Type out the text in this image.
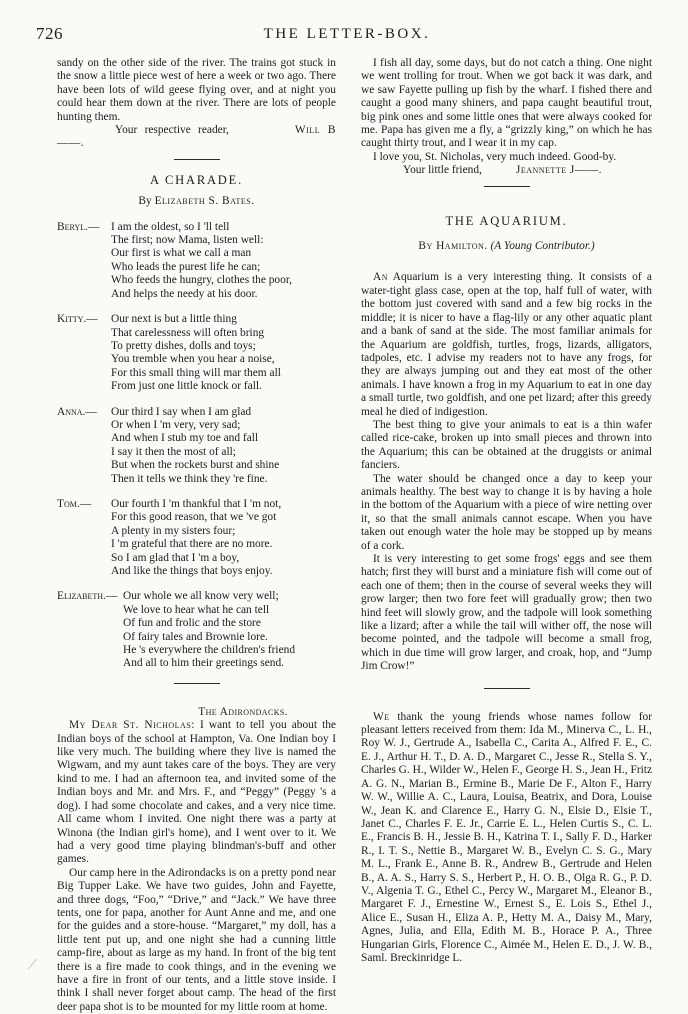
726	THE LETTER-BOX.

sandy on the other side of the river. The trains got stuck in the snow a little piece west of here a week or two ago. There have been lots of wild geese flying over, and at night you could hear them down at the river. There are lots of people hunting them.

Your respective reader,	Will B——.

A CHARADE.
By Elizabeth S. Bates.
Beryl.— I am the oldest, so I 'll tell
The first; now Mama, listen well:
Our first is what we call a man
Who leads the purest life he can;
Who feeds the hungry, clothes the poor,
And helps the needy at his door.
Kitty.— Our next is but a little thing
That carelessness will often bring
To pretty dishes, dolls and toys;
You tremble when you hear a noise,
For this small thing will mar them all
From just one little knock or fall.
Anna.— Our third I say when I am glad
Or when I 'm very, very sad;
And when I stub my toe and fall
I say it then the most of all;
But when the rockets burst and shine
Then it tells we think they 're fine.
Tom.— Our fourth I 'm thankful that I 'm not,
For this good reason, that we 've got
A plenty in my sisters four;
I 'm grateful that there are no more.
So I am glad that I 'm a boy,
And like the things that boys enjoy.
Elizabeth.— Our whole we all know very well;
We love to hear what he can tell
Of fun and frolic and the store
Of fairy tales and Brownie lore.
He 's everywhere the children's friend
And all to him their greetings send.
The Adirondacks.

My Dear St. Nicholas: I want to tell you about the Indian boys of the school at Hampton, Va. One Indian boy I like very much. The building where they live is named the Wigwam, and my aunt takes care of the boys. They are very kind to me. I had an afternoon tea, and invited some of the Indian boys and Mr. and Mrs. F., and “Peggy” (Peggy 's a dog). I had some chocolate and cakes, and a very nice time. All came whom I invited. One night there was a party at Winona (the Indian girl's home), and I went over to it. We had a very good time playing blindman's-buff and other games.

Our camp here in the Adirondacks is on a pretty pond near Big Tupper Lake. We have two guides, John and Fayette, and three dogs, “Foo,” “Drive,” and “Jack.” We have three tents, one for papa, another for Aunt Anne and me, and one for the guides and a store-house. “Margaret,” my doll, has a little tent put up, and one night she had a cunning little camp-fire, about as large as my hand. In front of the big tent there is a fire made to cook things, and in the evening we have a fire in front of our tents, and a little stove inside. I think I shall never forget about camp. The head of the first deer papa shot is to be mounted for my little room at home.

I fish all day, some days, but do not catch a thing. One night we went trolling for trout. When we got back it was dark, and we saw Fayette pulling up fish by the wharf. I fished there and caught a good many shiners, and papa caught beautiful trout, big pink ones and some little ones that were always cooked for me. Papa has given me a fly, a “grizzly king,” on which he has caught thirty trout, and I wear it in my cap.

I love you, St. Nicholas, very much indeed. Good-by.

Your little friend,	Jeannette J——.

THE AQUARIUM.
By Hamilton. (A Young Contributor.)

An Aquarium is a very interesting thing. It consists of a water-tight glass case, open at the top, half full of water, with the bottom just covered with sand and a few big rocks in the middle; it is nicer to have a flag-lily or any other aquatic plant and a bank of sand at the side. The most familiar animals for the Aquarium are goldfish, turtles, frogs, lizards, alligators, tadpoles, etc. I advise my readers not to have any frogs, for they are always jumping out and they eat most of the other animals. I have known a frog in my Aquarium to eat in one day a small turtle, two goldfish, and one pet lizard; after this greedy meal he died of indigestion.

The best thing to give your animals to eat is a thin wafer called rice-cake, broken up into small pieces and thrown into the Aquarium; this can be obtained at the druggists or animal fanciers.

The water should be changed once a day to keep your animals healthy. The best way to change it is by having a hole in the bottom of the Aquarium with a piece of wire netting over it, so that the small animals cannot escape. When you have taken out enough water the hole may be stopped up by means of a cork.

It is very interesting to get some frogs' eggs and see them hatch; first they will burst and a miniature fish will come out of each one of them; then in the course of several weeks they will grow larger; then two fore feet will gradually grow; then two hind feet will slowly grow, and the tadpole will look something like a lizard; after a while the tail will wither off, the nose will become pointed, and the tadpole will become a small frog, which in due time will grow larger, and croak, hop, and “Jump Jim Crow!”

We thank the young friends whose names follow for pleasant letters received from them: Ida M., Minerva C., L. H., Roy W. J., Gertrude A., Isabella C., Carita A., Alfred F. E., C. E. J., Arthur H. T., D. A. D., Margaret C., Jesse R., Stella S. Y., Charles G. H., Wilder W., Helen F., George H. S., Jean H., Fritz A. G. N., Marian B., Ermine B., Marie De F., Alton F., Harry W. W., Willie A. C., Laura, Louisa, Beatrix, and Dora, Louise W., Jean K. and Clarence E., Harry G. N., Elsie D., Elsie T., Janet C., Charles F. E. Jr., Carrie E. L., Helen Curtis S., C. L. E., Francis B. H., Jessie B. H., Katrina T. I., Sally F. D., Harker R., I. T. S., Nettie B., Margaret W. B., Evelyn C. S. G., Mary M. L., Frank E., Anne B. R., Andrew B., Gertrude and Helen B., A. A. S., Harry S. S., Herbert P., H. O. B., Olga R. G., P. D. V., Algenia T. G., Ethel C., Percy W., Margaret M., Eleanor B., Margaret F. J., Ernestine W., Ernest S., E. Lois S., Ethel J., Alice E., Susan H., Eliza A. P., Hetty M. A., Daisy M., Mary, Agnes, Julia, and Ella, Edith M. B., Horace P. A., Three Hungarian Girls, Florence C., Aimée M., Helen E. D., J. W. B., Saml. Breckinridge L.
